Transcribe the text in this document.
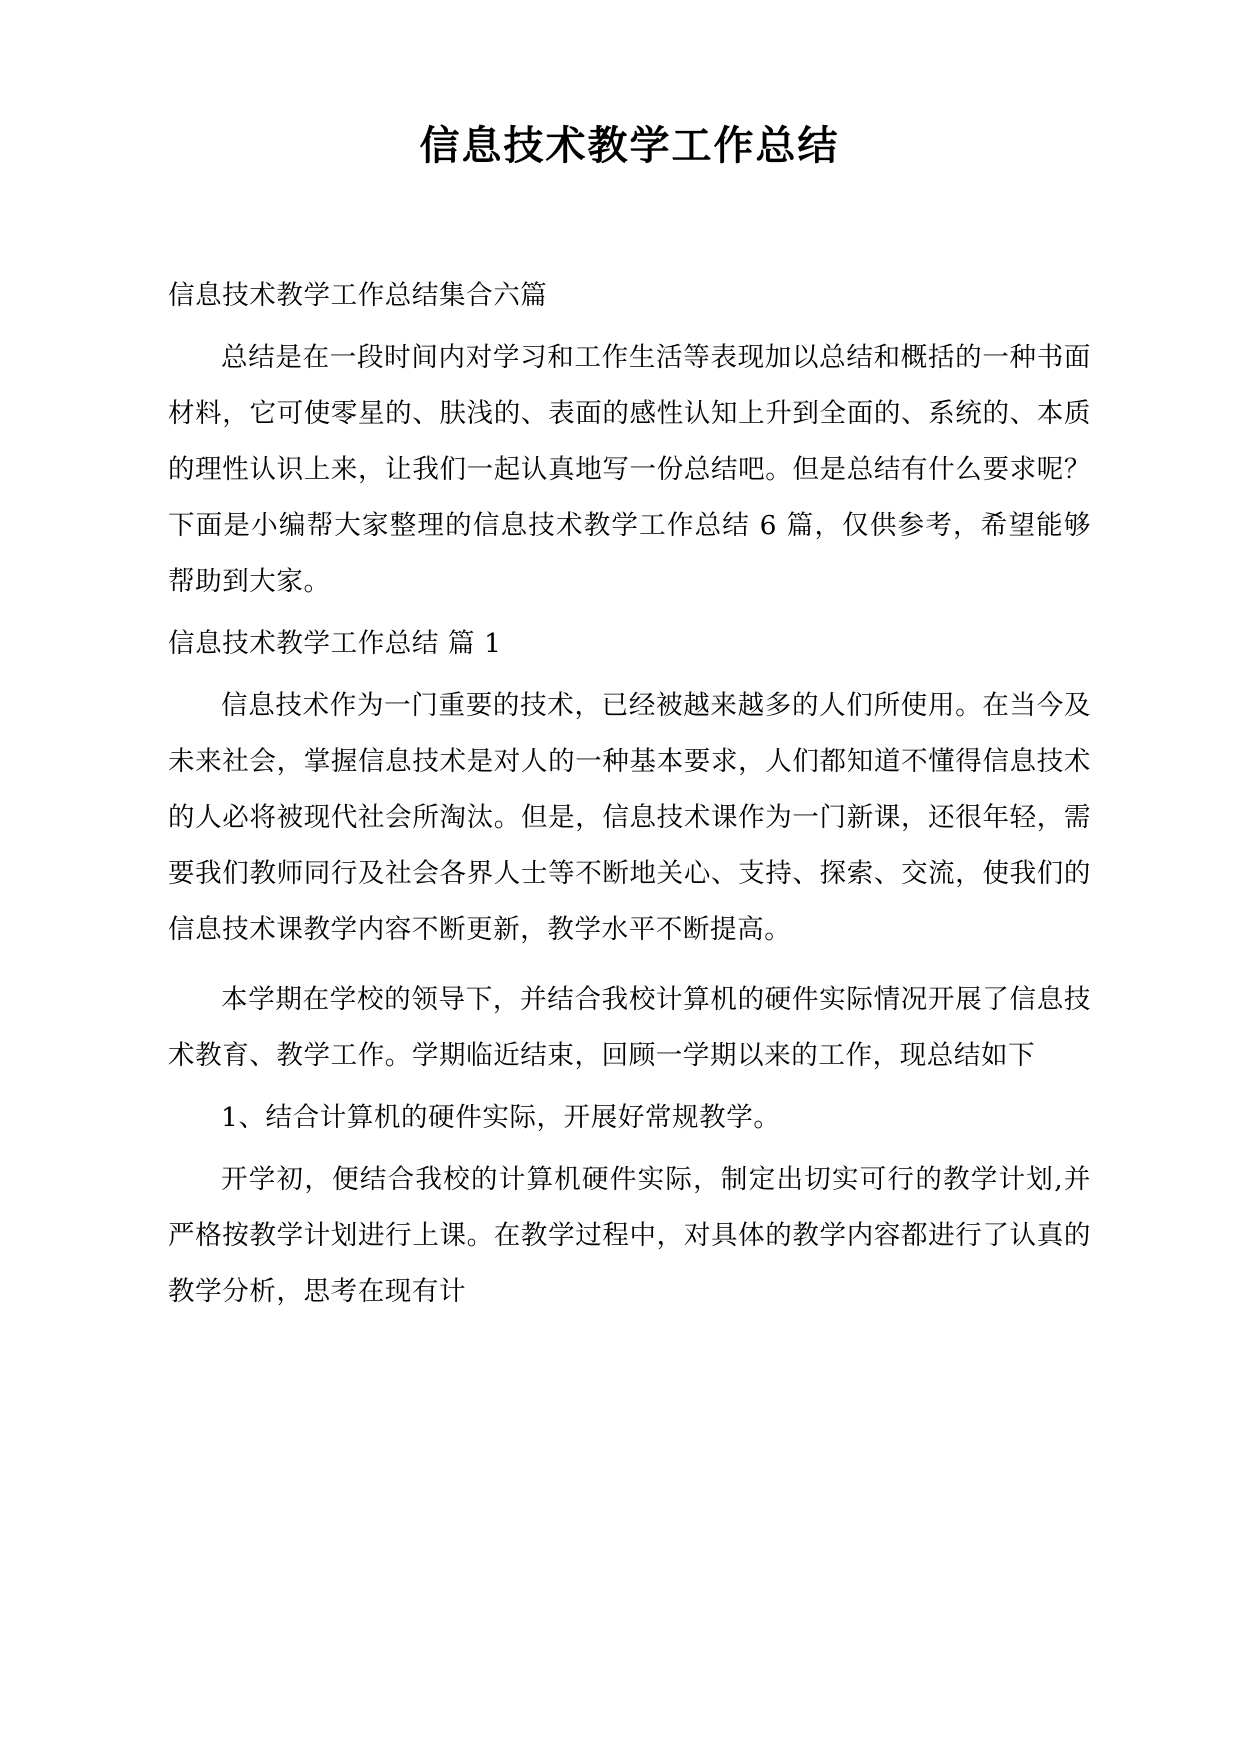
信息技术教学工作总结

信息技术教学工作总结集合六篇

总结是在一段时间内对学习和工作生活等表现加以总结和概括的一种书面材料，它可使零星的、肤浅的、表面的感性认知上升到全面的、系统的、本质的理性认识上来，让我们一起认真地写一份总结吧。但是总结有什么要求呢？下面是小编帮大家整理的信息技术教学工作总结 6 篇，仅供参考，希望能够帮助到大家。

信息技术教学工作总结 篇 1

信息技术作为一门重要的技术，已经被越来越多的人们所使用。在当今及未来社会，掌握信息技术是对人的一种基本要求，人们都知道不懂得信息技术的人必将被现代社会所淘汰。但是，信息技术课作为一门新课，还很年轻，需要我们教师同行及社会各界人士等不断地关心、支持、探索、交流，使我们的信息技术课教学内容不断更新，教学水平不断提高。

本学期在学校的领导下，并结合我校计算机的硬件实际情况开展了信息技术教育、教学工作。学期临近结束，回顾一学期以来的工作，现总结如下

1、结合计算机的硬件实际，开展好常规教学。

开学初，便结合我校的计算机硬件实际，制定出切实可行的教学计划,并严格按教学计划进行上课。在教学过程中，对具体的教学内容都进行了认真的教学分析，思考在现有计
